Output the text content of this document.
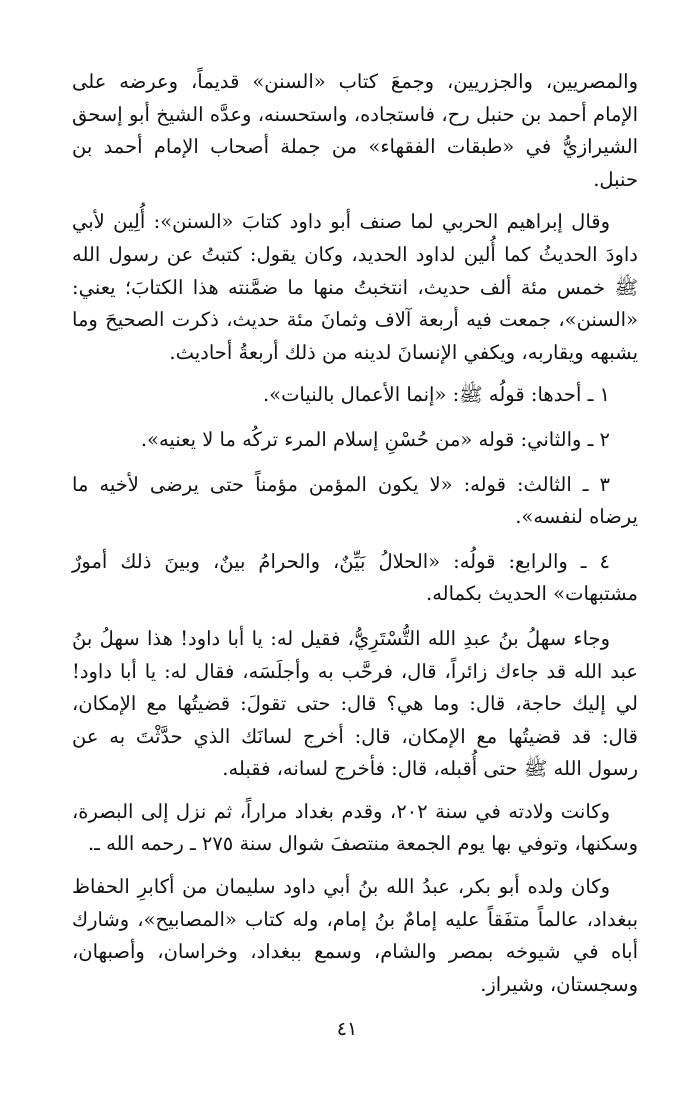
والمصريين، والجزريين، وجمعَ كتاب «السنن» قديماً، وعرضه على الإمام أحمد بن حنبل رح، فاستجاده، واستحسنه، وعدَّه الشيخ أبو إسحق الشيرازيُّ في «طبقات الفقهاء» من جملة أصحاب الإمام أحمد بن حنبل.

وقال إبراهيم الحربي لما صنف أبو داود كتابَ «السنن»: أُلِين لأبي داودَ الحديثُ كما أُلين لداود الحديد، وكان يقول: كتبتُ عن رسول الله ﷺ خمس مئة ألف حديث، انتخبتُ منها ما ضمَّنته هذا الكتابَ؛ يعني: «السنن»، جمعت فيه أربعة آلاف وثمانَ مئة حديث، ذكرت الصحيحَ وما يشبهه ويقاربه، ويكفي الإنسانَ لدينه من ذلك أربعةُ أحاديث.

١ ـ أحدها: قولُه ﷺ: «إنما الأعمال بالنيات».

٢ ـ والثاني: قوله «من حُسْنِ إسلام المرء تركُه ما لا يعنيه».

٣ ـ الثالث: قوله: «لا يكون المؤمن مؤمناً حتى يرضى لأخيه ما يرضاه لنفسه».

٤ ـ والرابع: قولُه: «الحلالُ بَيِّنٌ، والحرامُ بينٌ، وبينَ ذلك أمورٌ مشتبهات» الحديث بكماله.

وجاء سهلُ بنُ عبدِ الله التُّسْتَرِيُّ، فقيل له: يا أبا داود! هذا سهلُ بنُ عبد الله قد جاءك زائراً، قال، فرحَّب به وأجلَسَه، فقال له: يا أبا داود! لي إليك حاجة، قال: وما هي؟ قال: حتى تقولَ: قضيتُها مع الإمكان، قال: قد قضيتُها مع الإمكان، قال: أخرج لسانَك الذي حدَّثْتَ به عن رسول الله ﷺ حتى أُقبله، قال: فأخرج لسانه، فقبله.

وكانت ولادته في سنة ٢٠٢، وقدم بغداد مراراً، ثم نزل إلى البصرة، وسكنها، وتوفي بها يوم الجمعة منتصفَ شوال سنة ٢٧٥ ـ رحمه الله ـ.

وكان ولده أبو بكر، عبدُ الله بنُ أبي داود سليمان من أكابرِ الحفاظ ببغداد، عالماً متفَقاً عليه إمامٌ بنُ إمام، وله كتاب «المصابيح»، وشارك أباه في شيوخه بمصر والشام، وسمع ببغداد، وخراسان، وأصبهان، وسجستان، وشيراز.

٤١
